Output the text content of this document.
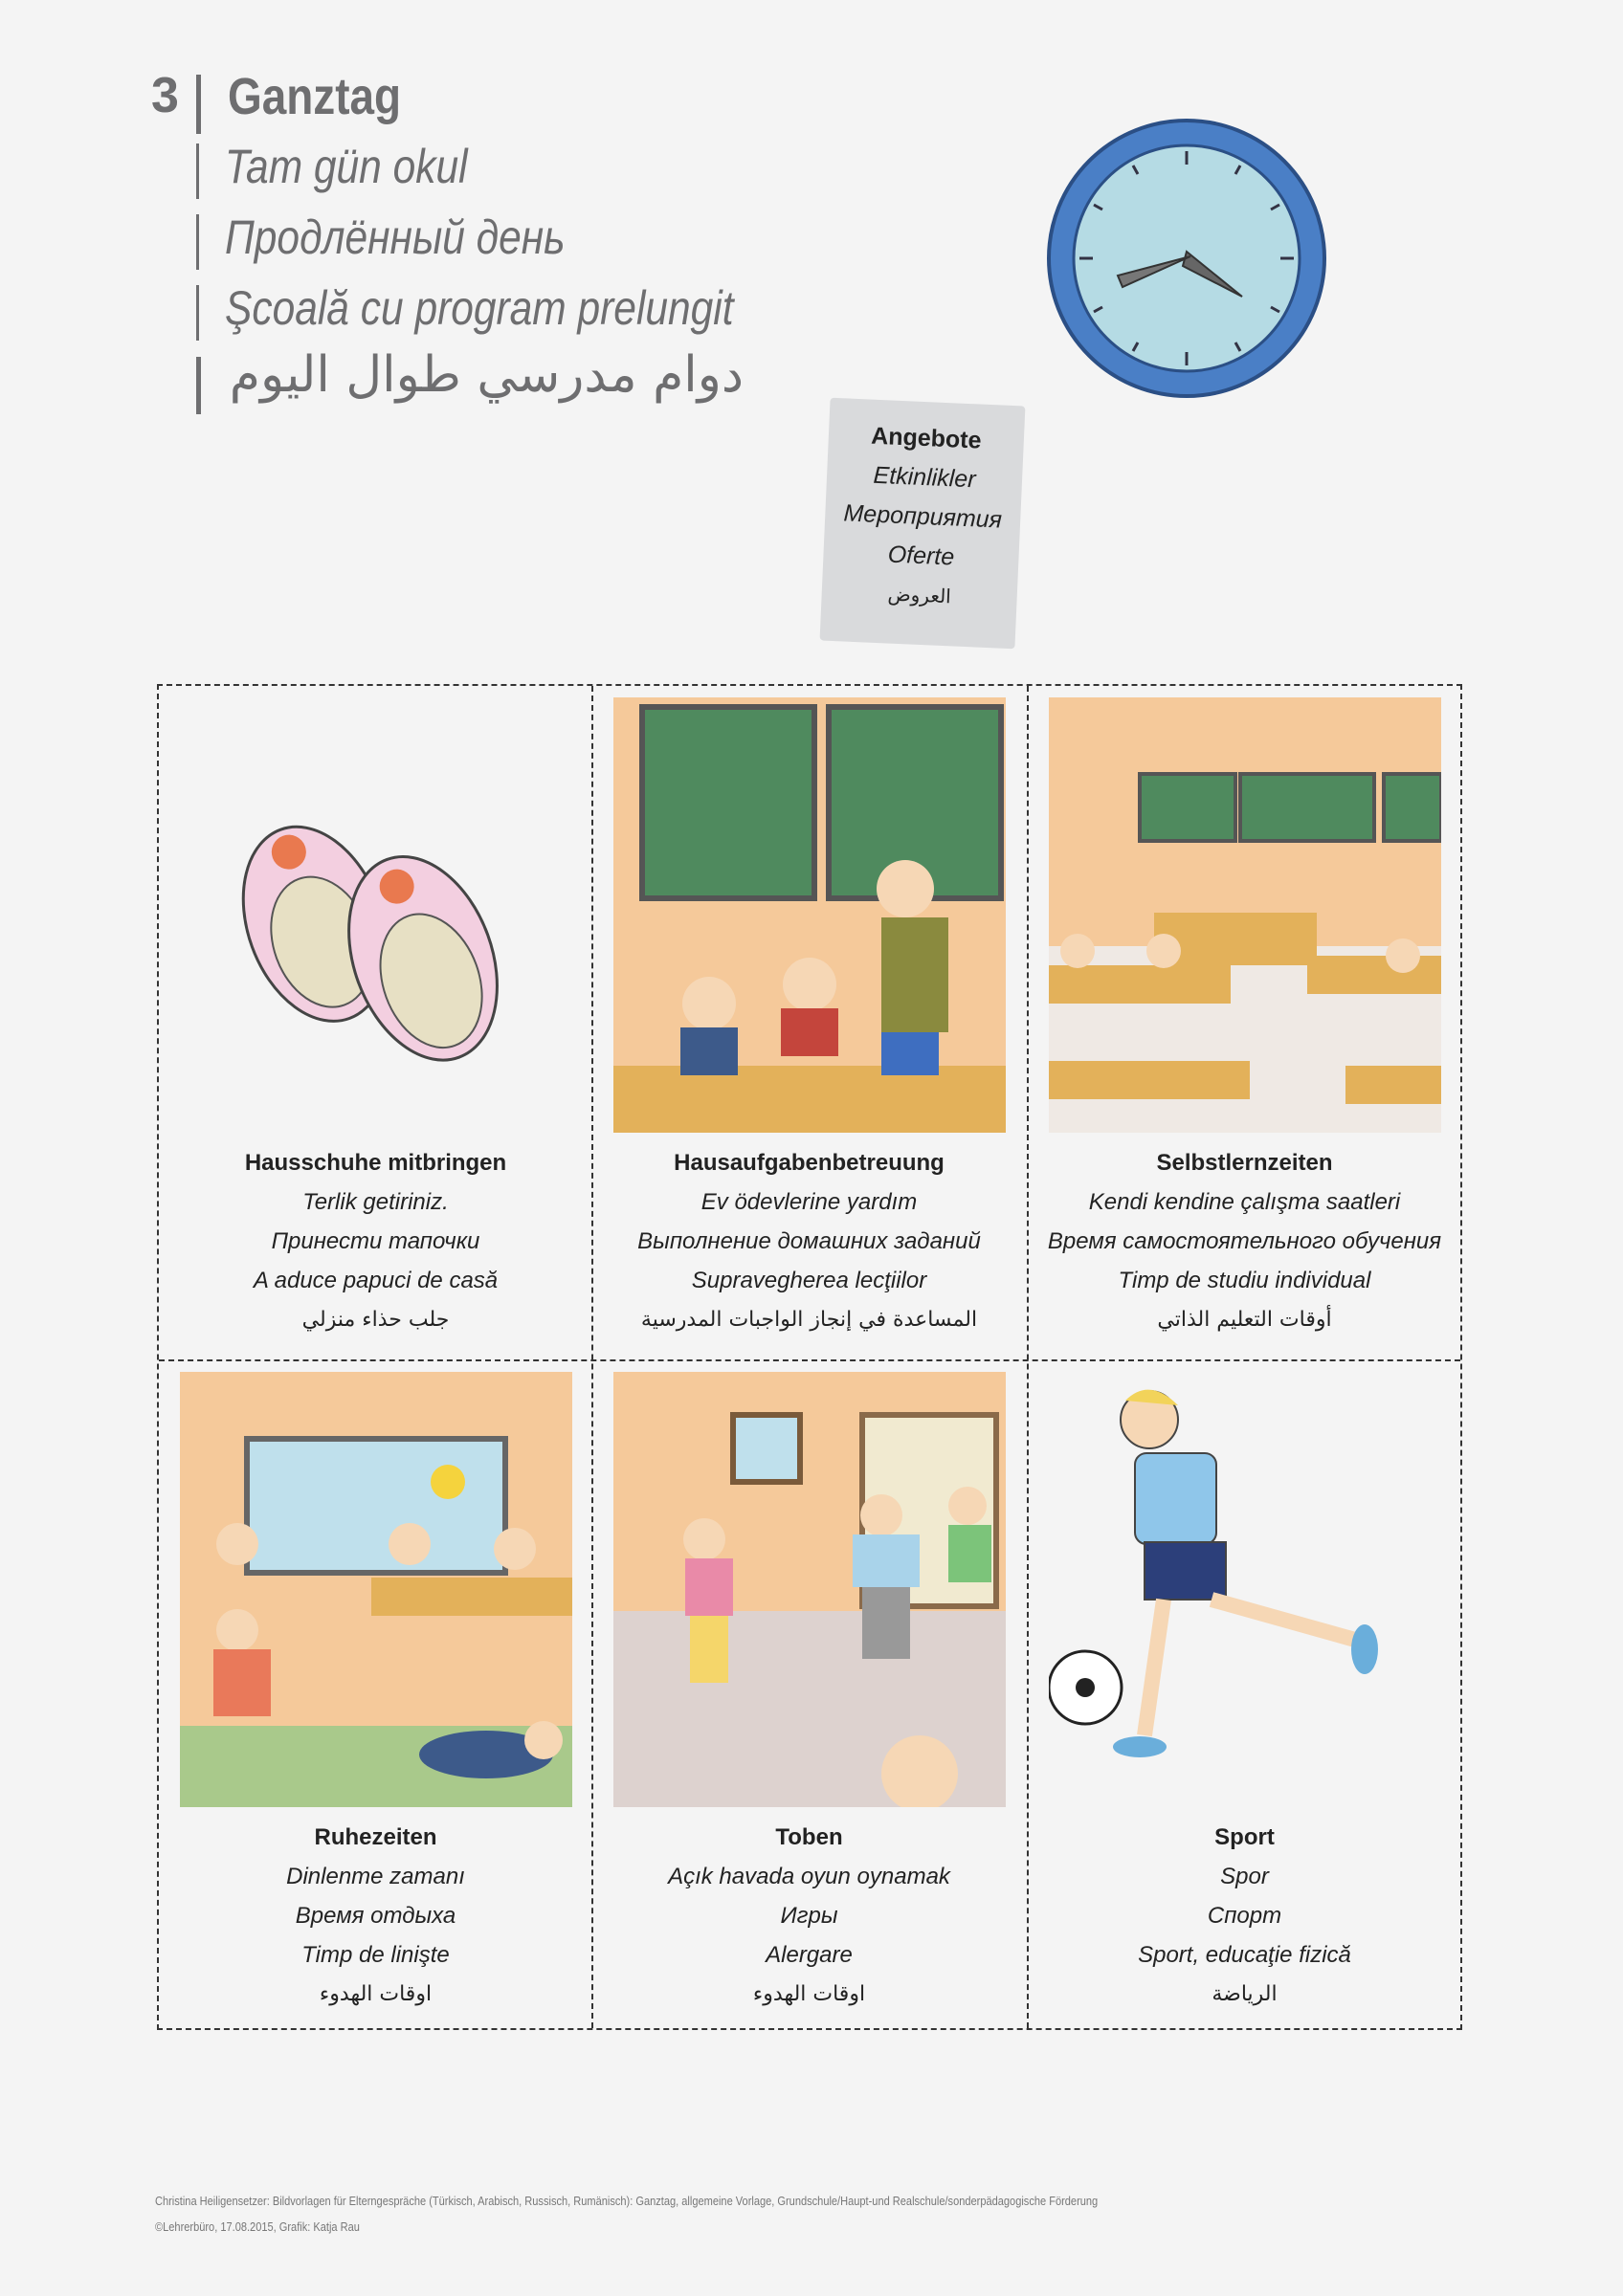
3 Ganztag
Tam gün okul
Продлённый день
Şcoală cu program prelungit
دوام مدرسي طوال اليوم
Angebote
Etkinlikler
Мероприятия
Oferte
العروض
Hausschuhe mitbringen
Terlik getiriniz.
Принести тапочки
A aduce papuci de casă
جلب حذاء منزلي
Hausaufgabenbetreuung
Ev ödevlerine yardım
Выполнение домашних заданий
Supravegherea lecţiilor
المساعدة في إنجاز الواجبات المدرسية
Selbstlernzeiten
Kendi kendine çalışma saatleri
Время самостоятельного обучения
Timp de studiu individual
أوقات التعليم الذاتي
Ruhezeiten
Dinlenme zamanı
Время отдыха
Timp de linişte
اوقات الهدوء
Toben
Açık havada oyun oynamak
Игры
Alergare
اوقات الهدوء
Sport
Spor
Спорт
Sport, educaţie fizică
الرياضة
Christina Heiligensetzer: Bildvorlagen für Elterngespräche (Türkisch, Arabisch, Russisch, Rumänisch): Ganztag, allgemeine Vorlage, Grundschule/Haupt-und Realschule/sonderpädagogische Förderung
©Lehrerbüro, 17.08.2015, Grafik: Katja Rau
